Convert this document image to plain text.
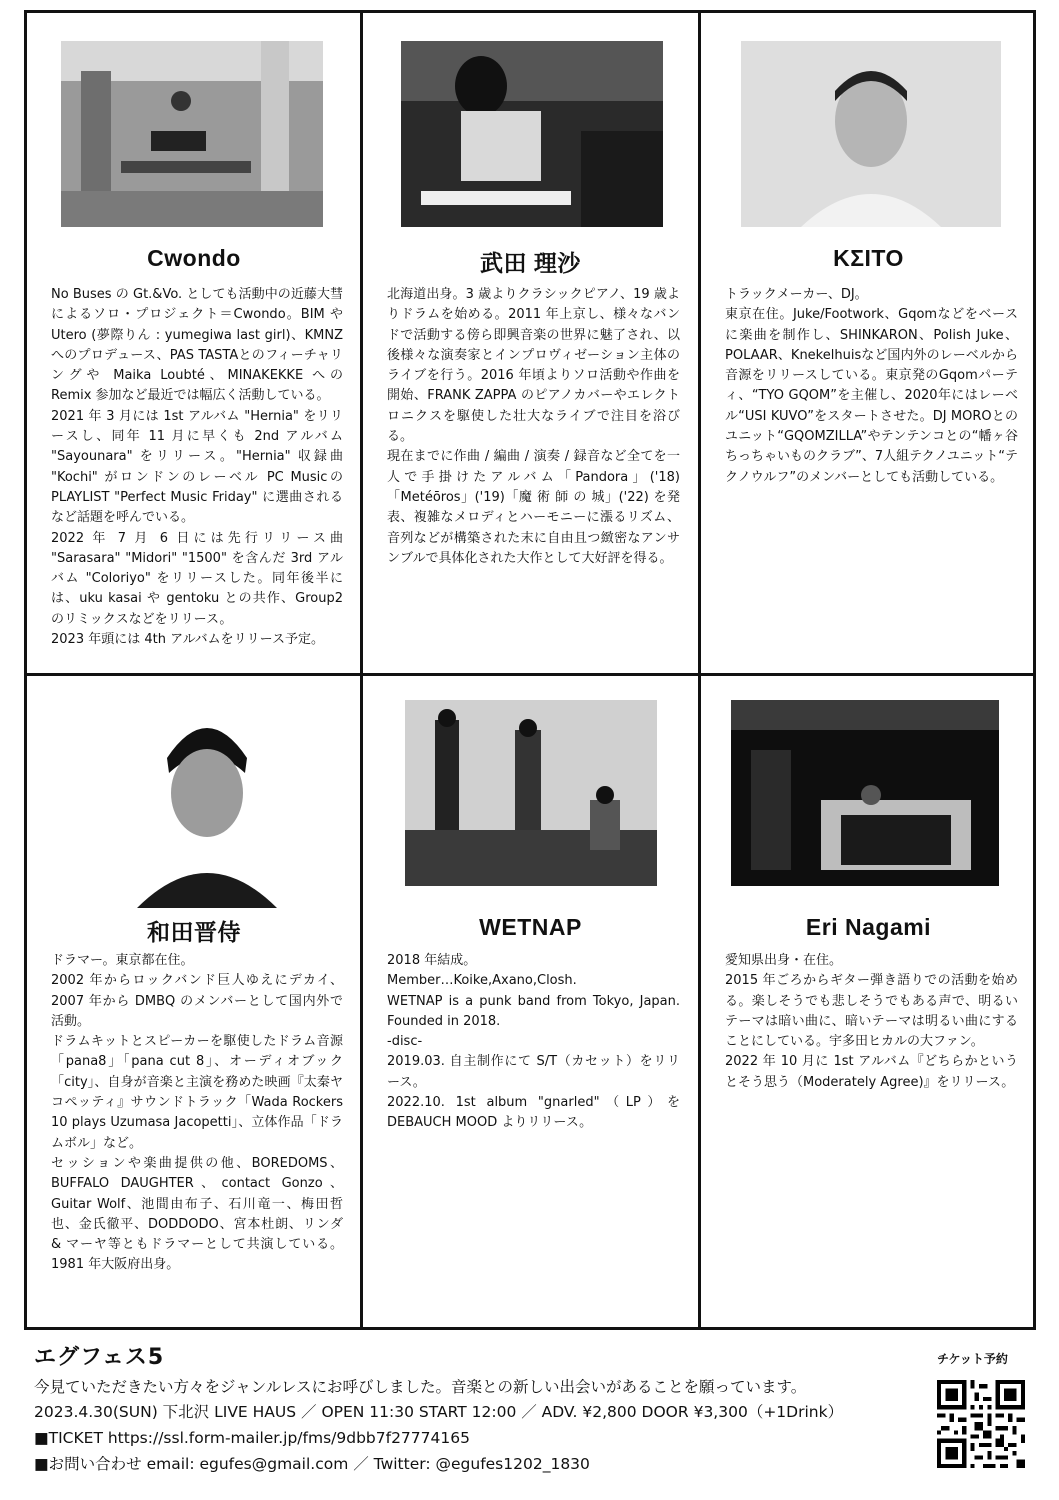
Cwondo

No Buses の Gt.&Vo. としても活動中の近藤大彗によるソロ・プロジェクト＝Cwondo。BIM や Utero (夢際りん : yumegiwa last girl)、KMNZ へのプロデュース、PAS TASTAとのフィーチャリングや Maika Loubté、MINAKEKKE への Remix 参加など最近では幅広く活動している。

2021 年 3 月には 1st アルバム "Hernia" をリリースし、同年 11 月に早くも 2nd アルバム "Sayounara" をリリース。"Hernia" 収録曲 "Kochi" がロンドンのレーベル PC MusicのPLAYLIST "Perfect Music Friday" に選曲されるなど話題を呼んでいる。

2022 年 7 月 6 日には先行リリース曲 "Sarasara" "Midori" "1500" を含んだ 3rd アルバム "Coloriyo" をリリースした。同年後半には、uku kasai や gentoku との共作、Group2 のリミックスなどをリリース。

2023 年頭には 4th アルバムをリリース予定。

武田 理沙

北海道出身。3 歳よりクラシックピアノ、19 歳よりドラムを始める。2011 年上京し、様々なバンドで活動する傍ら即興音楽の世界に魅了され、以後様々な演奏家とインプロヴィゼーション主体のライブを行う。2016 年頃よりソロ活動や作曲を開始、FRANK ZAPPA のピアノカバーやエレクトロニクスを駆使した壮大なライブで注目を浴びる。

現在までに作曲 / 編曲 / 演奏 / 録音など全てを一人で手掛けたアルバム「Pandora」('18)「Metéōros」('19)「魔 術 師 の 城」('22) を発表、複雑なメロディとハーモニーに漲るリズム、音列などが構築された末に自由且つ緻密なアンサンブルで具体化された大作として大好評を得る。

KΣITO

トラックメーカー、DJ。

東京在住。Juke/Footwork、Gqomなどをベースに楽曲を制作し、SHINKARON、Polish Juke、POLAAR、Knekelhuisなど国内外のレーベルから音源をリリースしている。東京発のGqomパーティ、“TYO GQOM”を主催し、2020年にはレーベル“USI KUVO”をスタートさせた。DJ MOROとのユニット“GQOMZILLA”やテンテンコとの“幡ヶ谷ちっちゃいものクラブ”、7人組テクノユニット“テクノウルフ”のメンバーとしても活動している。

和田晋侍

ドラマー。東京都在住。

2002 年からロックバンド巨人ゆえにデカイ、2007 年から DMBQ のメンバーとして国内外で活動。

ドラムキットとスピーカーを駆使したドラム音源「pana8」「pana cut 8」、オーディオブック「city」、自身が音楽と主演を務めた映画『太秦ヤコペッティ』サウンドトラック「Wada Rockers 10 plays Uzumasa Jacopetti」、立体作品「ドラムボル」など。

セッションや楽曲提供の他、BOREDOMS、BUFFALO DAUGHTER、contact Gonzo、Guitar Wolf、池間由布子、石川竜一、梅田哲也、金氏徹平、DODDODO、宮本杜朗、リンダ & マーヤ等ともドラマーとして共演している。1981 年大阪府出身。

WETNAP

2018 年結成。

Member…Koike,Axano,Closh.

WETNAP is a punk band from Tokyo, Japan. Founded in 2018.

-disc-

2019.03. 自主制作にて S/T（カセット）をリリース。

2022.10. 1st album "gnarled"（LP）を DEBAUCH MOOD よりリリース。

Eri Nagami

愛知県出身・在住。

2015 年ごろからギター弾き語りでの活動を始める。楽しそうでも悲しそうでもある声で、明るいテーマは暗い曲に、暗いテーマは明るい曲にすることにしている。宇多田ヒカルの大ファン。

2022 年 10 月に 1st アルバム『どちらかというとそう思う（Moderately Agree)』をリリース。

エグフェス5
今見ていただきたい方々をジャンルレスにお呼びしました。音楽との新しい出会いがあることを願っています。
2023.4.30(SUN) 下北沢 LIVE HAUS ／ OPEN 11:30 START 12:00 ／ ADV. ¥2,800 DOOR ¥3,300（+1Drink）
■TICKET https://ssl.form-mailer.jp/fms/9dbb7f27774165
■お問い合わせ email: egufes@gmail.com ／ Twitter: @egufes1202_1830
チケット予約
